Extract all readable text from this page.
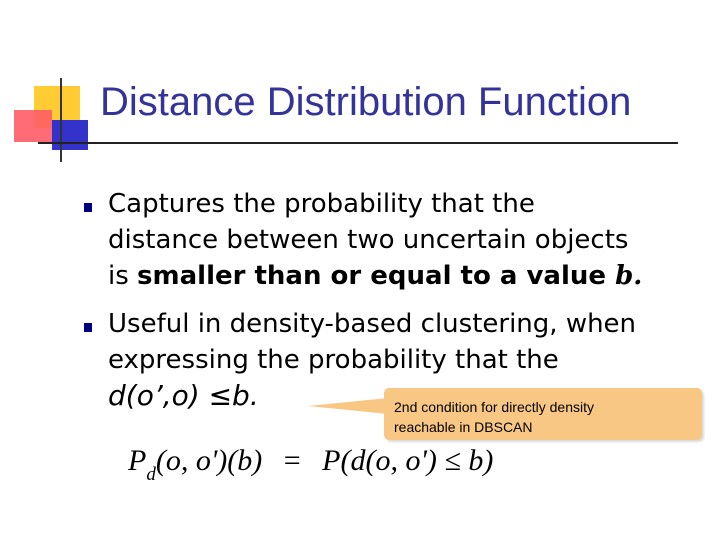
Distance Distribution Function
Captures the probability that the
distance between two uncertain objects
is smaller than or equal to a value b.
Useful in density-based clustering, when
expressing the probability that the
d(o’,o) ≤b.	2nd condition for directly density
reachable in DBSCAN
$P_d(o$, o')(b) = P(d(o, o') ≤ b)
